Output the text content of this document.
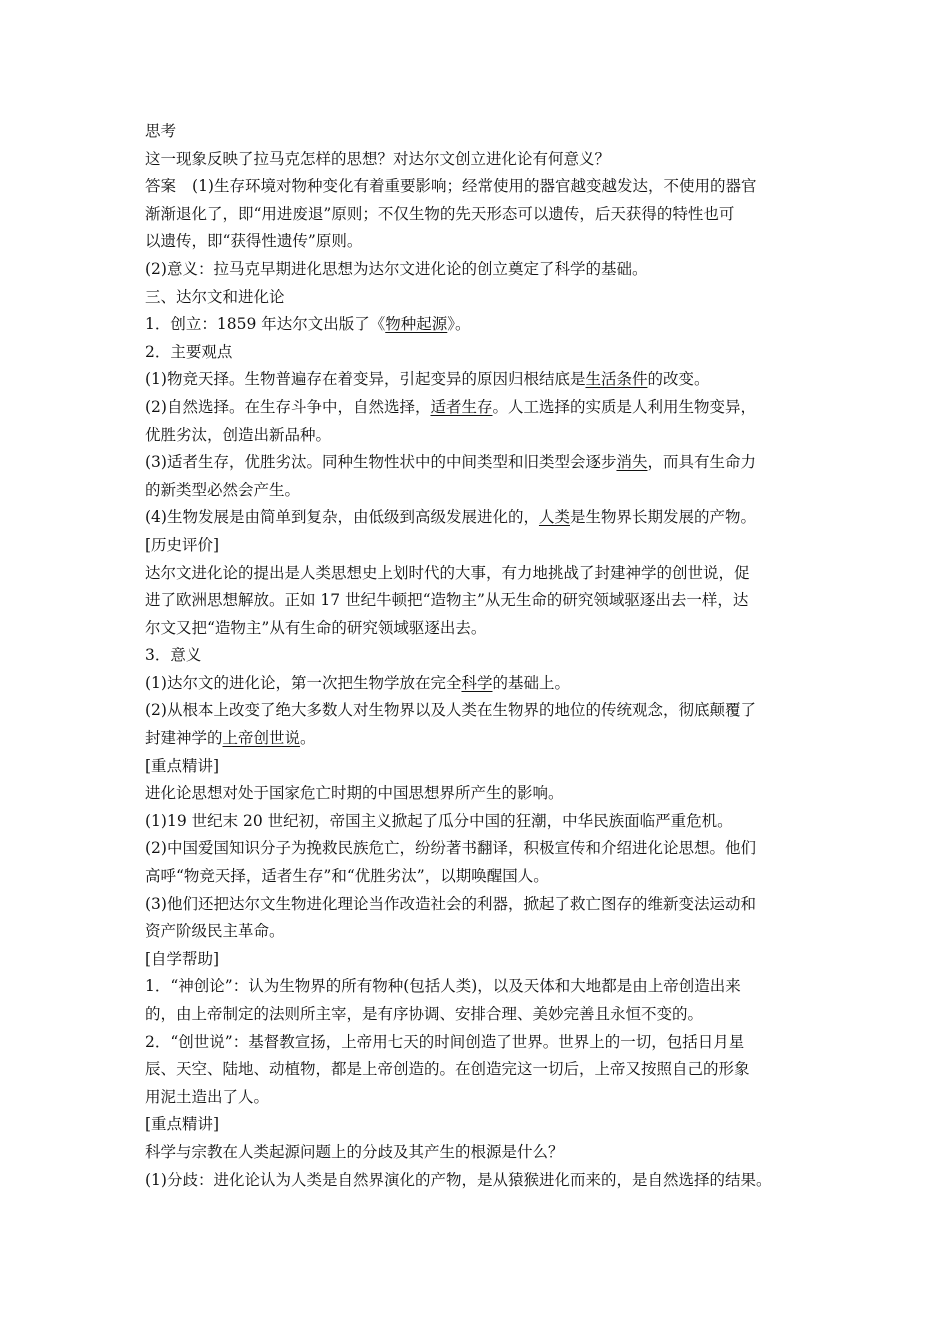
思考
这一现象反映了拉马克怎样的思想？对达尔文创立进化论有何意义？
答案 (1)生存环境对物种变化有着重要影响；经常使用的器官越变越发达，不使用的器官
渐渐退化了，即“用进废退”原则；不仅生物的先天形态可以遗传，后天获得的特性也可
以遗传，即“获得性遗传”原则。
(2)意义：拉马克早期进化思想为达尔文进化论的创立奠定了科学的基础。
三、达尔文和进化论
1．创立：1859 年达尔文出版了《物种起源》。
2．主要观点
(1)物竞天择。生物普遍存在着变异，引起变异的原因归根结底是生活条件的改变。
(2)自然选择。在生存斗争中，自然选择，适者生存。人工选择的实质是人利用生物变异，
优胜劣汰，创造出新品种。
(3)适者生存，优胜劣汰。同种生物性状中的中间类型和旧类型会逐步消失，而具有生命力
的新类型必然会产生。
(4)生物发展是由简单到复杂，由低级到高级发展进化的，人类是生物界长期发展的产物。
[历史评价]
达尔文进化论的提出是人类思想史上划时代的大事，有力地挑战了封建神学的创世说，促
进了欧洲思想解放。正如 17 世纪牛顿把“造物主”从无生命的研究领域驱逐出去一样，达
尔文又把“造物主”从有生命的研究领域驱逐出去。
3．意义
(1)达尔文的进化论，第一次把生物学放在完全科学的基础上。
(2)从根本上改变了绝大多数人对生物界以及人类在生物界的地位的传统观念，彻底颠覆了
封建神学的上帝创世说。
[重点精讲]
进化论思想对处于国家危亡时期的中国思想界所产生的影响。
(1)19 世纪末 20 世纪初，帝国主义掀起了瓜分中国的狂潮，中华民族面临严重危机。
(2)中国爱国知识分子为挽救民族危亡，纷纷著书翻译，积极宣传和介绍进化论思想。他们
高呼“物竞天择，适者生存”和“优胜劣汰”，以期唤醒国人。
(3)他们还把达尔文生物进化理论当作改造社会的利器，掀起了救亡图存的维新变法运动和
资产阶级民主革命。
[自学帮助]
1．“神创论”：认为生物界的所有物种(包括人类)，以及天体和大地都是由上帝创造出来
的，由上帝制定的法则所主宰，是有序协调、安排合理、美妙完善且永恒不变的。
2．“创世说”：基督教宣扬，上帝用七天的时间创造了世界。世界上的一切，包括日月星
辰、天空、陆地、动植物，都是上帝创造的。在创造完这一切后，上帝又按照自己的形象
用泥土造出了人。
[重点精讲]
科学与宗教在人类起源问题上的分歧及其产生的根源是什么？
(1)分歧：进化论认为人类是自然界演化的产物，是从猿猴进化而来的，是自然选择的结果。
